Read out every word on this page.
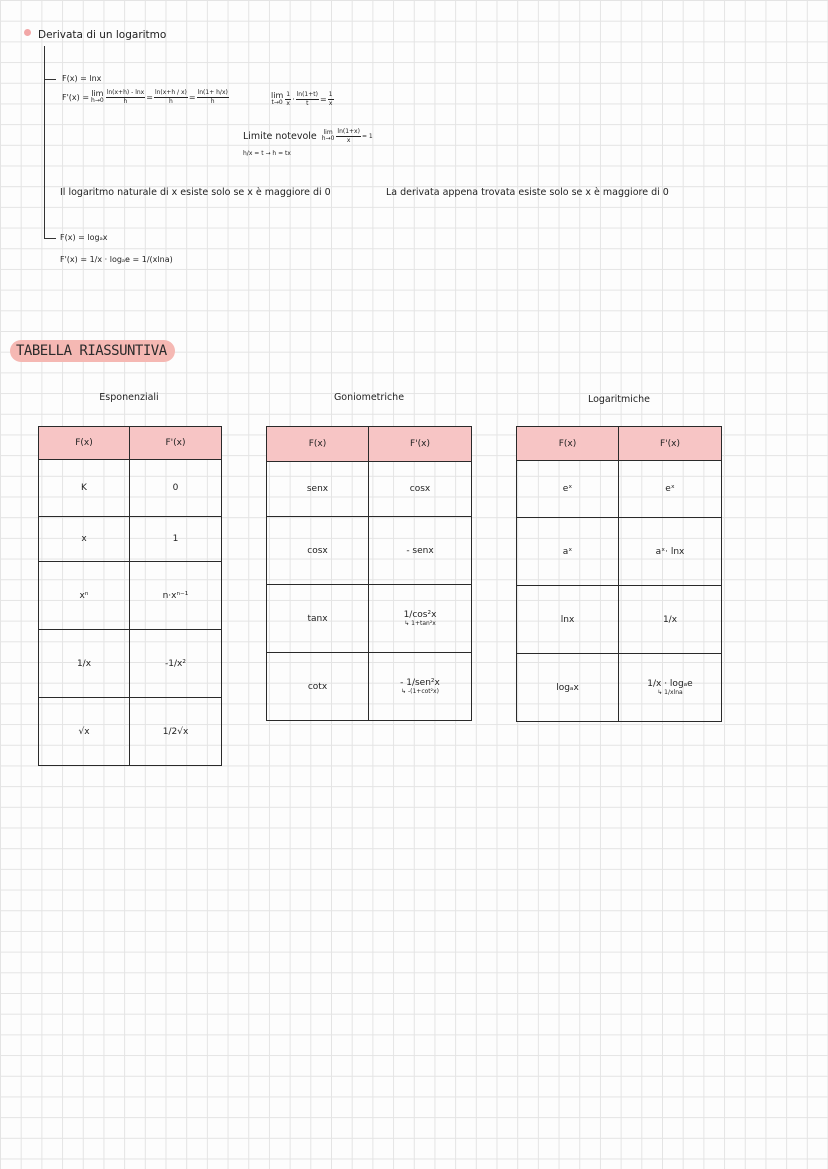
Derivata di un logaritmo
F(x) = lnx
F'(x) = lim
$h\to 0 \frac{\ln(x+h) - \ln x}{h} = \frac{\ln(x+h / x)}{h} = \frac{\ln(1+ h/x)}{h}$	lim
$t\to 0 \frac{1}{x} \cdot \frac{\ln(1+t)}{t} = \frac{1}{x}$
Limite notevole lim
$h\to 0 \frac{\ln(1+x)}{x} = 1$
h/x = t → h = tx
Il logaritmo naturale di x esiste solo se x è maggiore di 0	La derivata appena trovata esiste solo se x è maggiore di 0
F(x) = logₐx
F'(x) = 1/x · logₐe = 1/(xlna)
TABELLA RIASSUNTIVA
Esponenziali	Goniometriche	Logaritmiche
F(x)	F'(x)
K	0
x	1
xⁿ	n·xⁿ⁻¹
1/x	-1/x²
√x	1/2√x
F(x)	F'(x)
senx	cosx
cosx	- senx
tanx	1/cos²x
↳ 1+tan²x

cotx	- 1/sen²x
↳ -(1+cot²x)
F(x)	F'(x)
eˣ	eˣ
aˣ	aˣ· lnx
lnx	1/x
logₐx	1/x · logₐe
↳ 1/xlna
